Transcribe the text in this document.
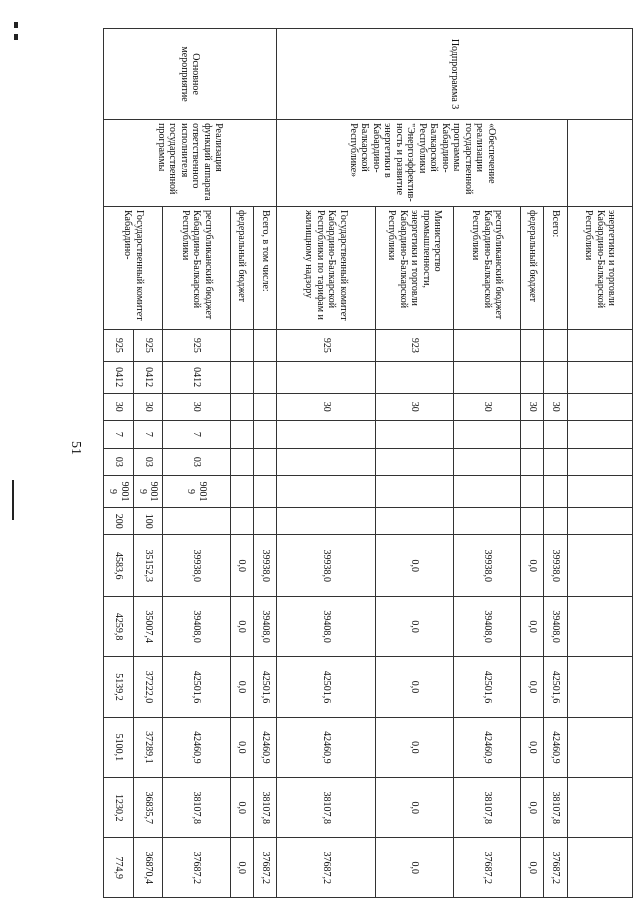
51
Подпрограмма 3		энергетики и торговли Кабардино-Балкарской Республики													
	«Обеспечение реализации государственной программы Кабардино-Балкарской Республики "Энергоэффектив-ность и развитие энергетики в Кабардино-Балкарской Республике»	Всего:			30					39938,0	39408,0	42501,6	42460,9	38107,8	37687,2
		федеральный бюджет			30					0,0	0,0	0,0	0,0	0,0	0,0
		республиканский бюджет Кабардино-Балкарской Республики			30					39938,0	39408,0	42501,6	42460,9	38107,8	37687,2
		Министерство промышленности, энергетики и торговли Кабардино-Балкарской Республики	923		30					0,0	0,0	0,0	0,0	0,0	0,0
		Государственный комитет Кабардино-Балкарской Республики по тарифам и жилищному надзору	925		30					39938,0	39408,0	42501,6	42460,9	38107,8	37687,2
Основное мероприятие	Реализация функций аппарата ответственного исполнителя государственной программы	Всего, в том числе:								39938,0	39408,0	42501,6	42460,9	38107,8	37687,2
		федеральный бюджет								0,0	0,0	0,0	0,0	0,0	0,0
		республиканский бюджет Кабардино-Балкарской Республики	925	0412	30	7	03	90019		39938,0	39408,0	42501,6	42460,9	38107,8	37687,2
		Государственный комитет Кабардино-	925	0412	30	7	03	90019	100	35152,3	35007,4	37222,0	37289,1	36835,7	36870,4
			925	0412	30	7	03	90019	200	4583,6	4259,8	5139,2	5100,1	1230,2	774,9
